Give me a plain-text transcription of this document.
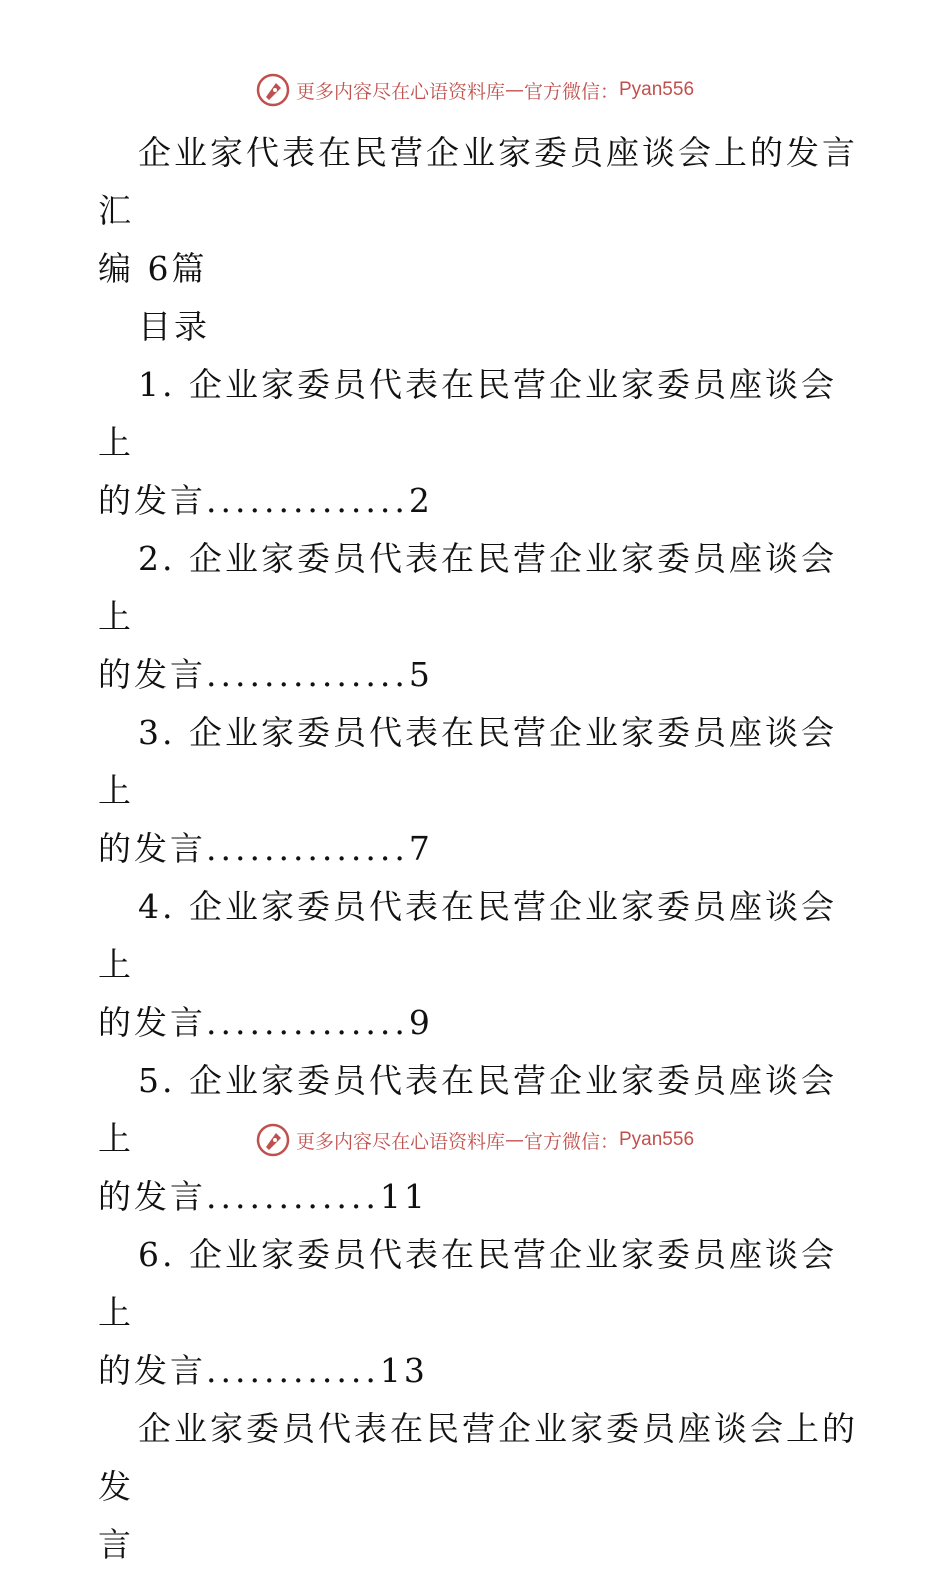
更多内容尽在心语资料库 — 官方微信： Pyan556

企业家代表在民营企业家委员座谈会上的发言汇
编 6篇

目录

1. 企业家委员代表在民营企业家委员座谈会上
的发言..............2

2. 企业家委员代表在民营企业家委员座谈会上
的发言..............5

3. 企业家委员代表在民营企业家委员座谈会上
的发言..............7

4. 企业家委员代表在民营企业家委员座谈会上
的发言..............9

5. 企业家委员代表在民营企业家委员座谈会上
的发言............11

6. 企业家委员代表在民营企业家委员座谈会上
的发言............13

企业家委员代表在民营企业家委员座谈会上的发
言

更多内容尽在心语资料库 — 官方微信： Pyan556
